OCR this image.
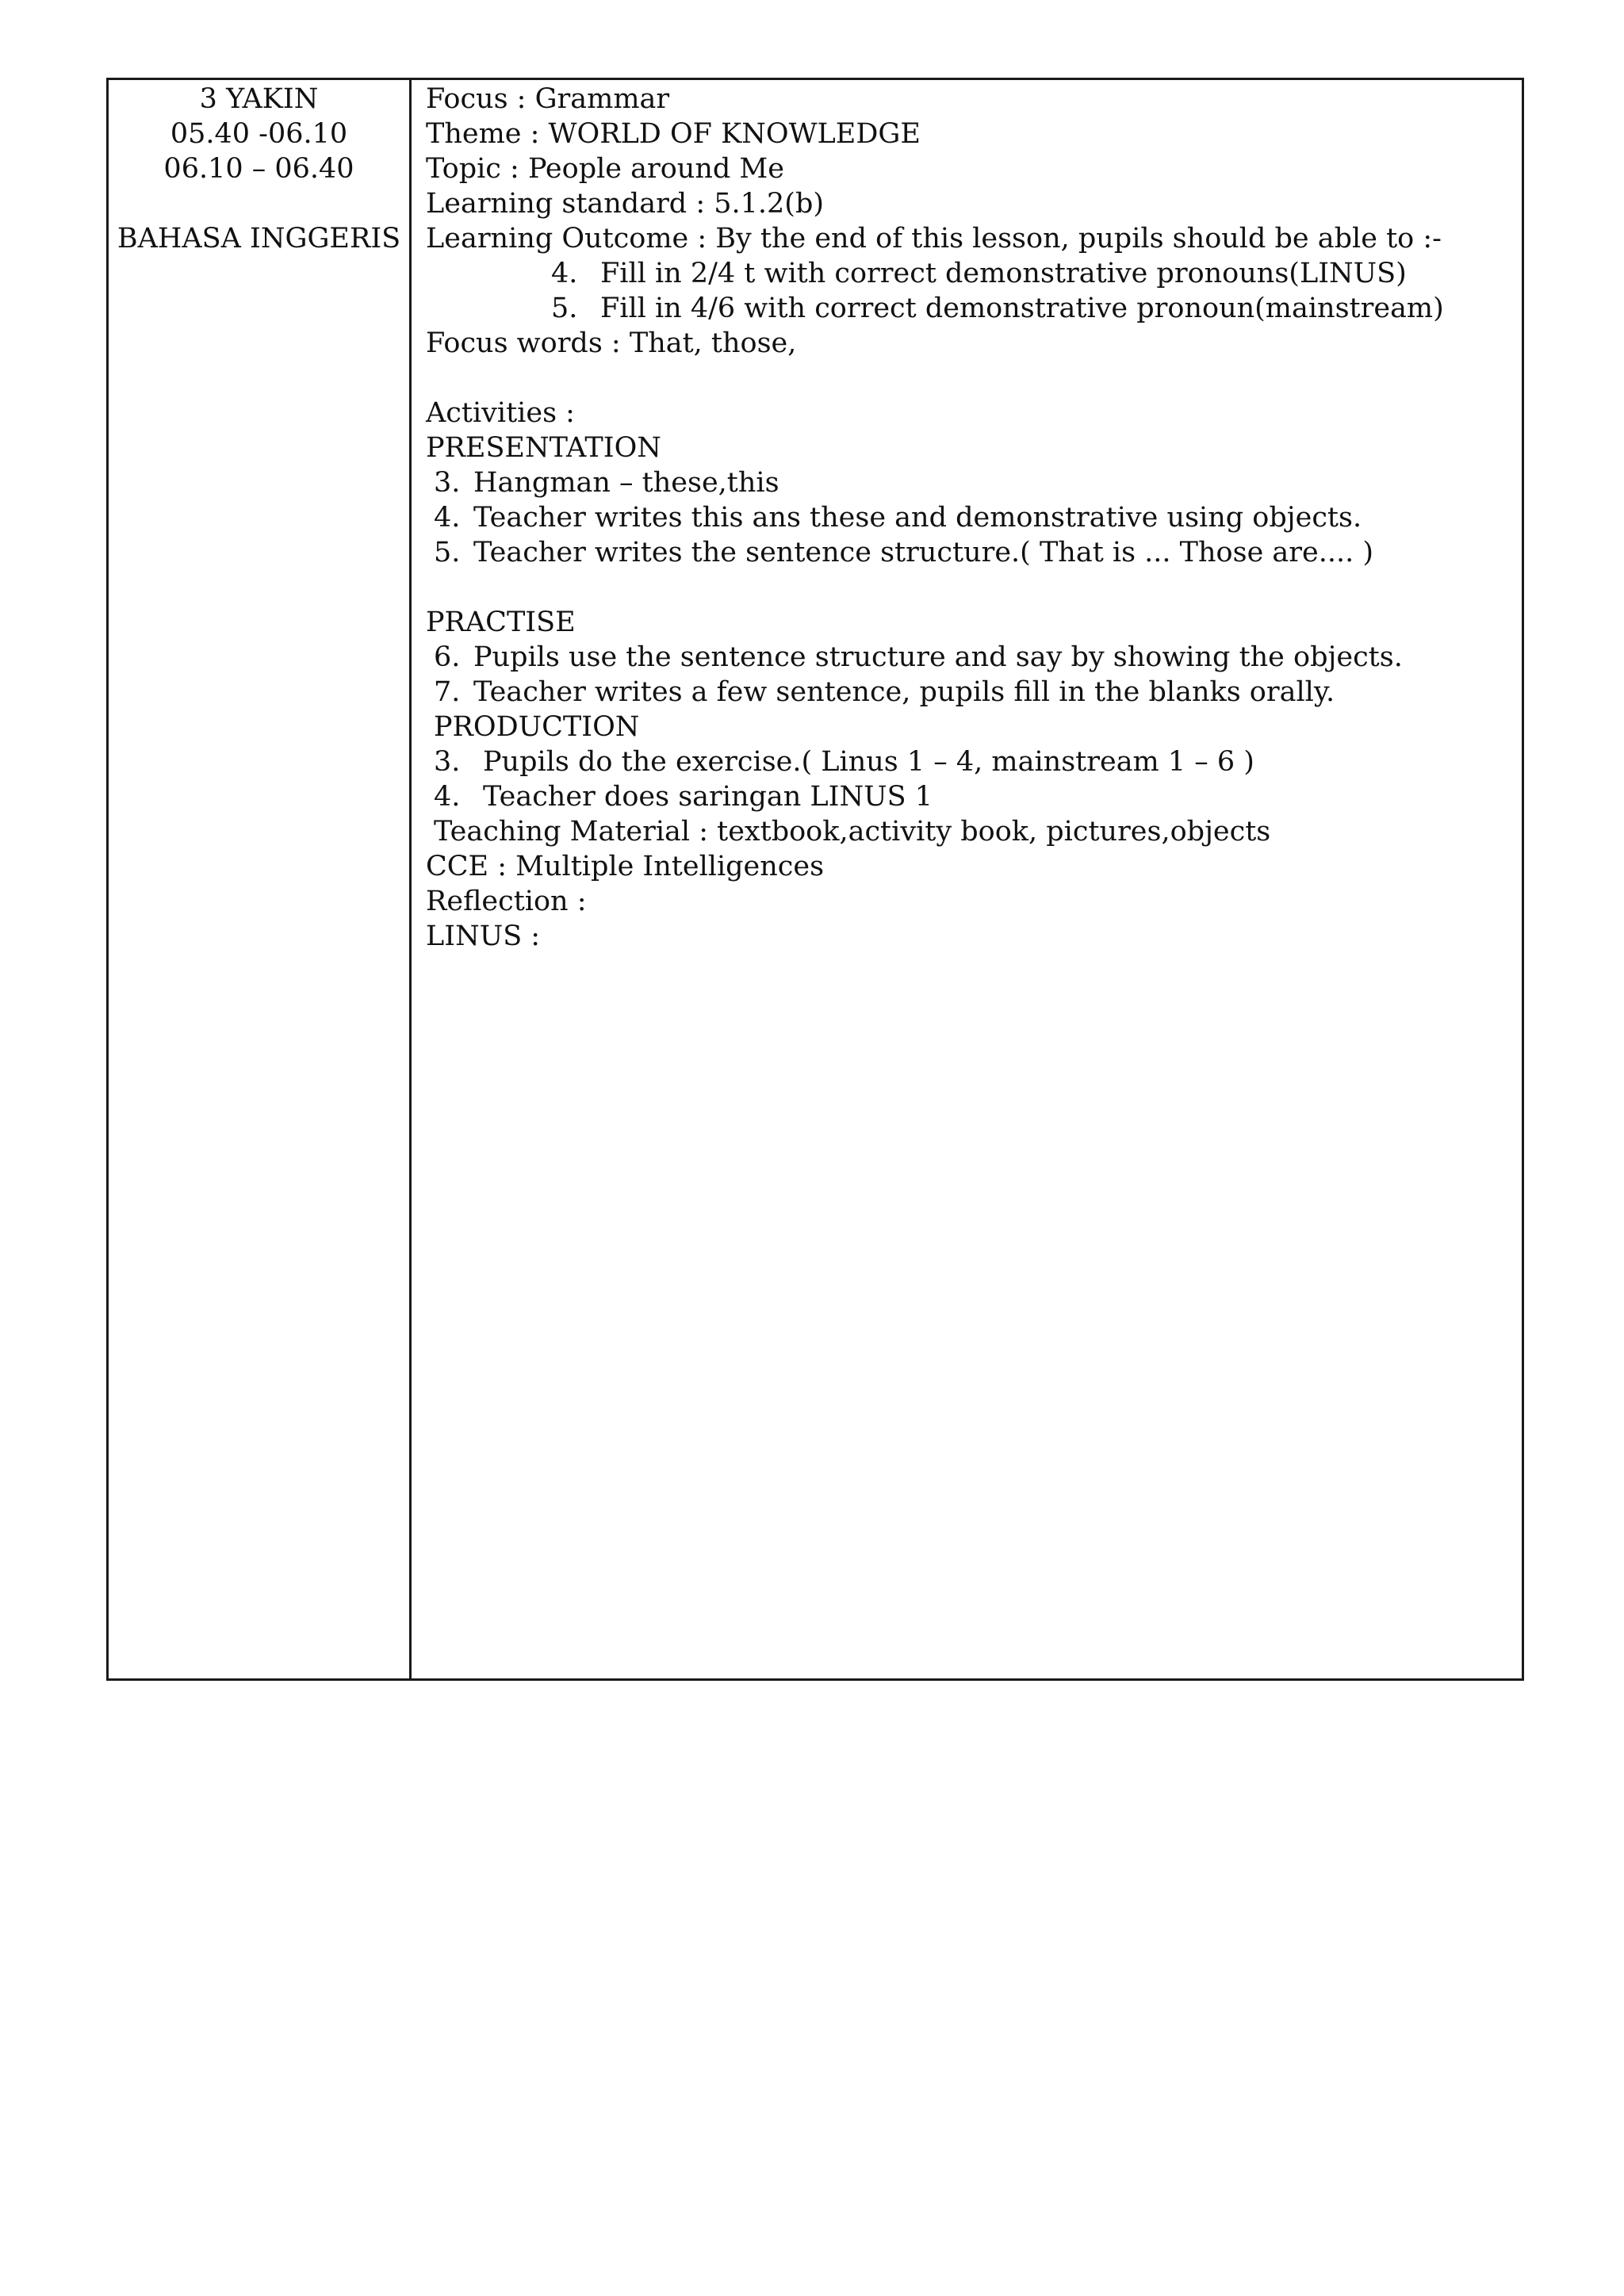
3 YAKIN
05.40 -06.10
06.10 – 06.40
BAHASA INGGERIS
Focus : Grammar
Theme : WORLD OF KNOWLEDGE
Topic : People around Me
Learning standard : 5.1.2(b)
Learning Outcome : By the end of this lesson, pupils should be able to :-
4. Fill in 2/4 t with correct demonstrative pronouns(LINUS)
5. Fill in 4/6 with correct demonstrative pronoun(mainstream)
Focus words : That, those,
Activities :
PRESENTATION
3. Hangman – these,this
4. Teacher writes this ans these and demonstrative using objects.
5. Teacher writes the sentence structure.( That is ... Those are.... )
PRACTISE
6. Pupils use the sentence structure and say by showing the objects.
7. Teacher writes a few sentence, pupils fill in the blanks orally.
PRODUCTION
3. Pupils do the exercise.( Linus 1 – 4, mainstream 1 – 6 )
4. Teacher does saringan LINUS 1
Teaching Material : textbook,activity book, pictures,objects
CCE : Multiple Intelligences
Reflection :
LINUS :
